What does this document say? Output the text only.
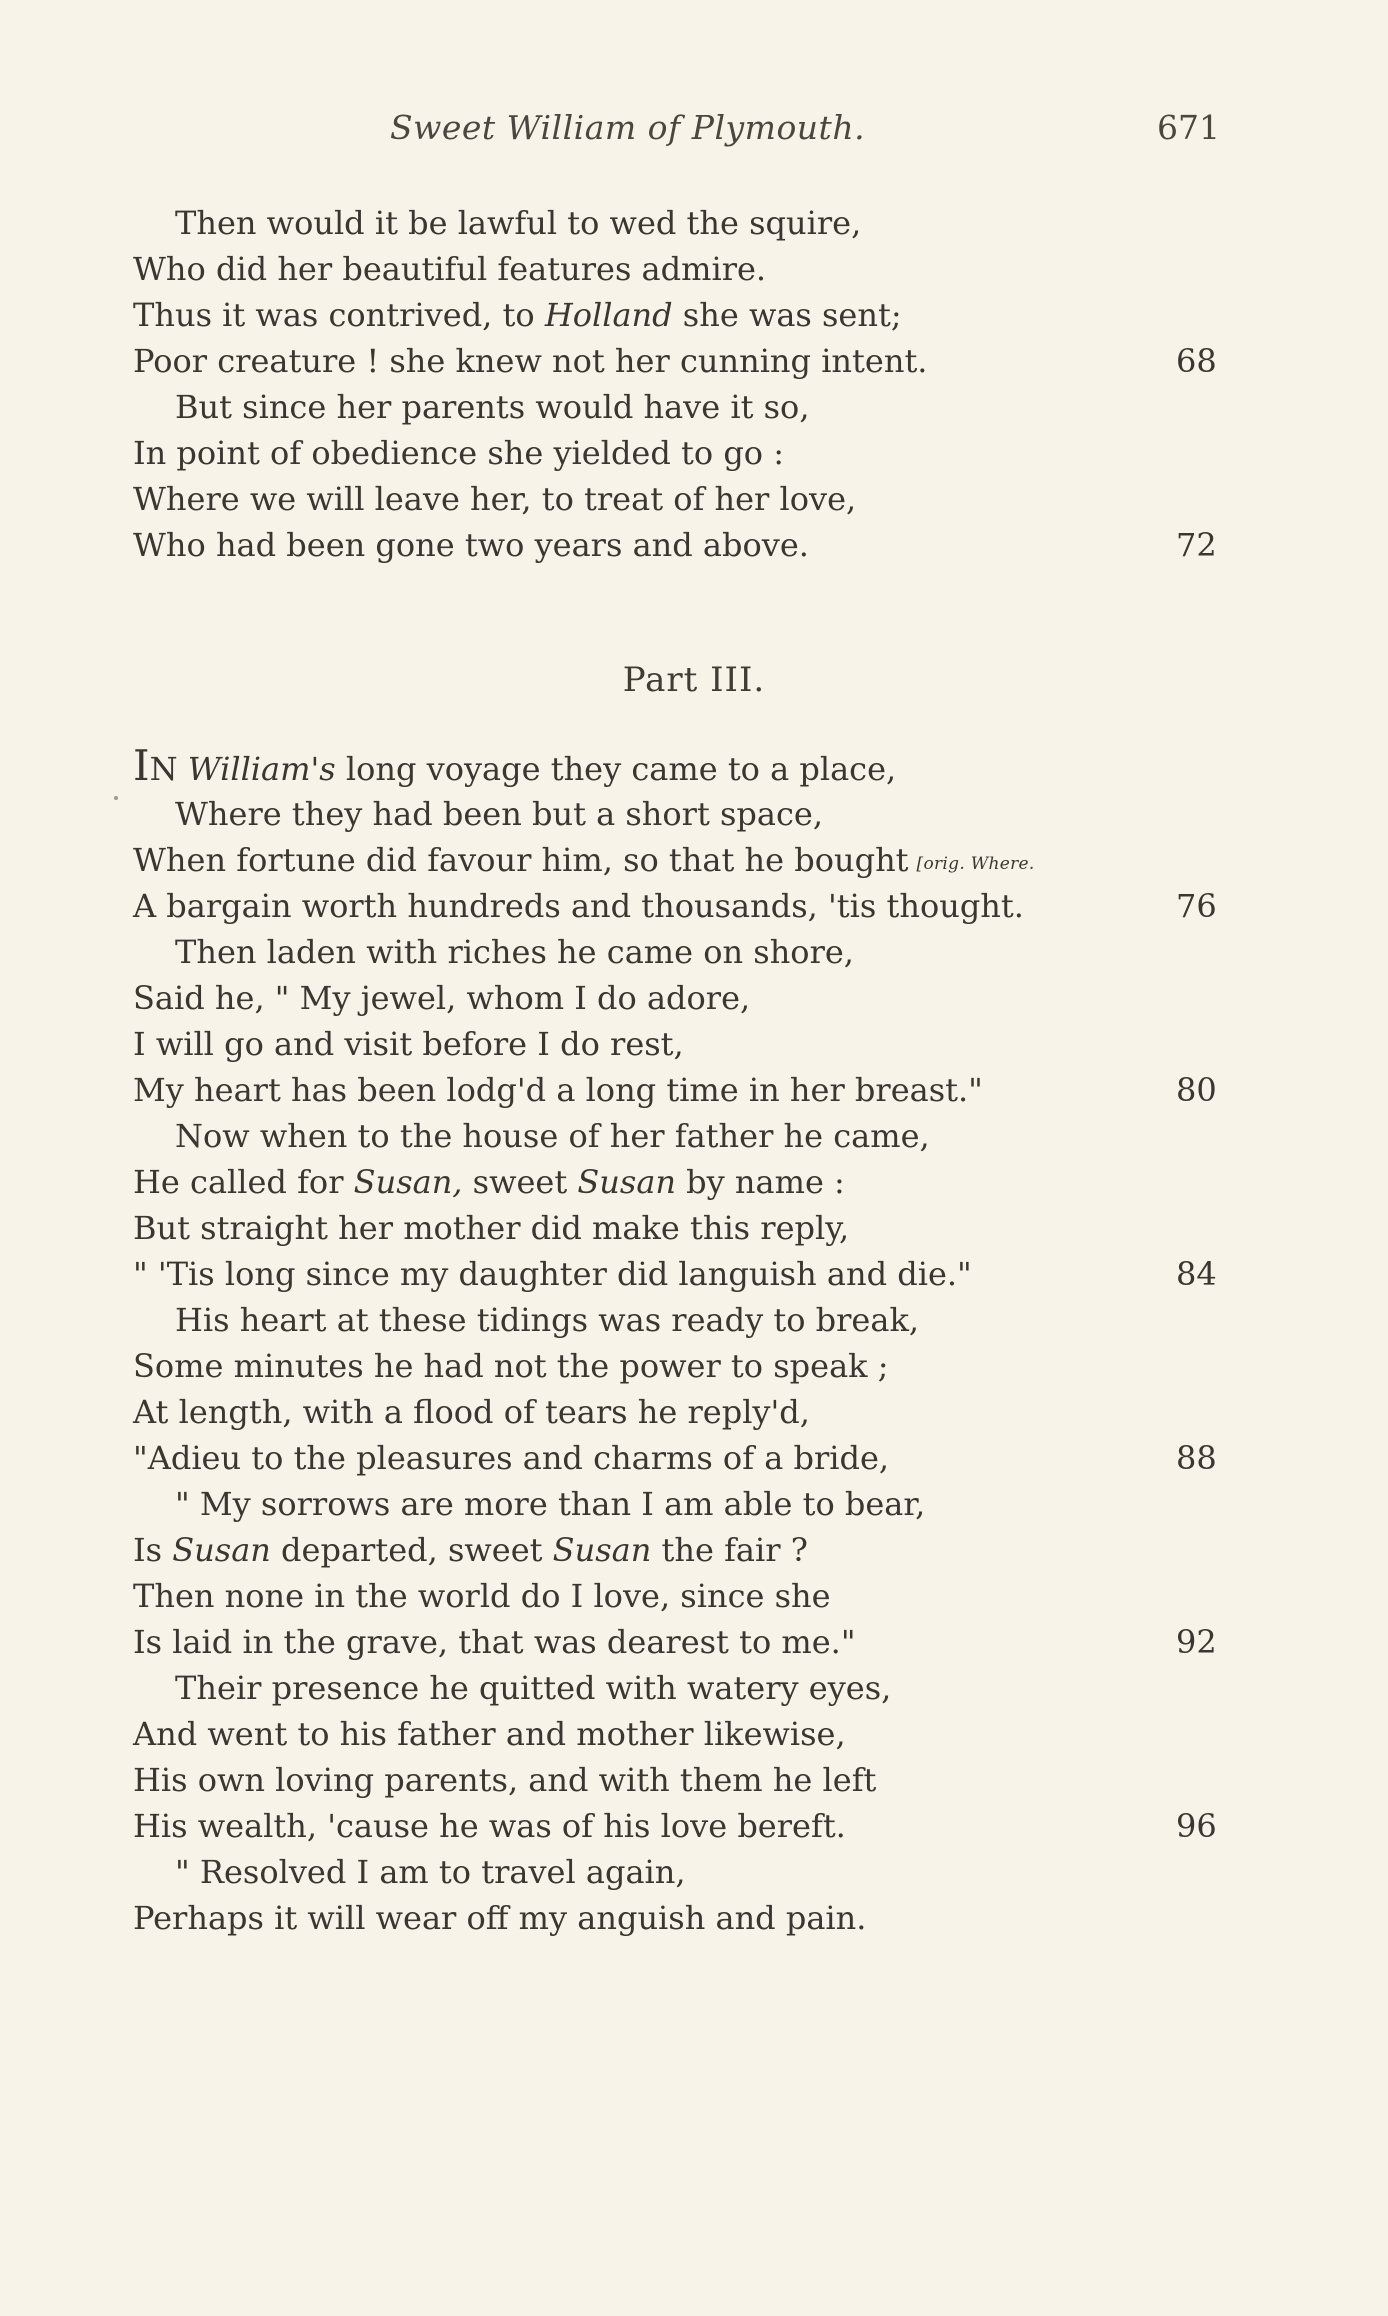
Sweet William of Plymouth.	671
Then would it be lawful to wed the squire,
Who did her beautiful features admire.
Thus it was contrived, to Holland she was sent;
Poor creature ! she knew not her cunning intent.	68
But since her parents would have it so,
In point of obedience she yielded to go :
Where we will leave her, to treat of her love,
Who had been gone two years and above.	72
Part III.
IN William's long voyage they came to a place,
Where they had been but a short space,
When fortune did favour him, so that he bought [orig. Where.
A bargain worth hundreds and thousands, 'tis thought.	76
Then laden with riches he came on shore,
Said he, " My jewel, whom I do adore,
I will go and visit before I do rest,
My heart has been lodg'd a long time in her breast."	80
Now when to the house of her father he came,
He called for Susan, sweet Susan by name :
But straight her mother did make this reply,
" 'Tis long since my daughter did languish and die."	84
His heart at these tidings was ready to break,
Some minutes he had not the power to speak ;
At length, with a flood of tears he reply'd,
"Adieu to the pleasures and charms of a bride,	88
" My sorrows are more than I am able to bear,
Is Susan departed, sweet Susan the fair ?
Then none in the world do I love, since she
Is laid in the grave, that was dearest to me."	92
Their presence he quitted with watery eyes,
And went to his father and mother likewise,
His own loving parents, and with them he left
His wealth, 'cause he was of his love bereft.	96
" Resolved I am to travel again,
Perhaps it will wear off my anguish and pain.
